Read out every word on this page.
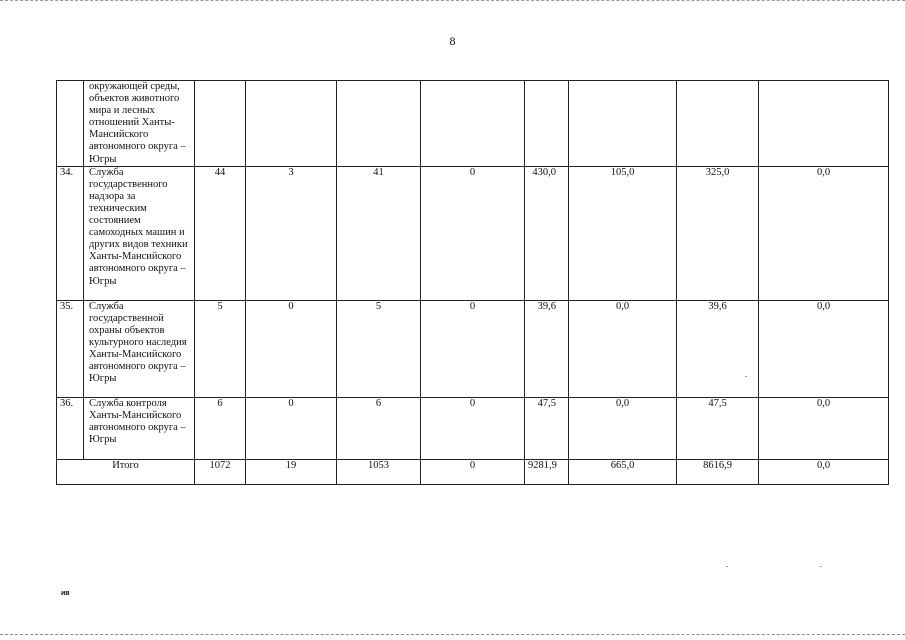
8
	окружающей среды, объектов животного мира и лесных отношений Ханты-Мансийского автономного округа – Югры								
34.	Служба государственного надзора за техническим состоянием самоходных машин и других видов техники Ханты-Мансийского автономного округа – Югры	44	3	41	0	430,0	105,0	325,0	0,0
35.	Служба государственной охраны объектов культурного наследия Ханты-Мансийского автономного округа – Югры	5	0	5	0	39,6	0,0	39,6	0,0
36.	Служба контроля Ханты-Мансийского автономного округа – Югры	6	0	6	0	47,5	0,0	47,5	0,0
Итого		1072	19	1053	0	9281,9	665,0	8616,9	0,0
ив
